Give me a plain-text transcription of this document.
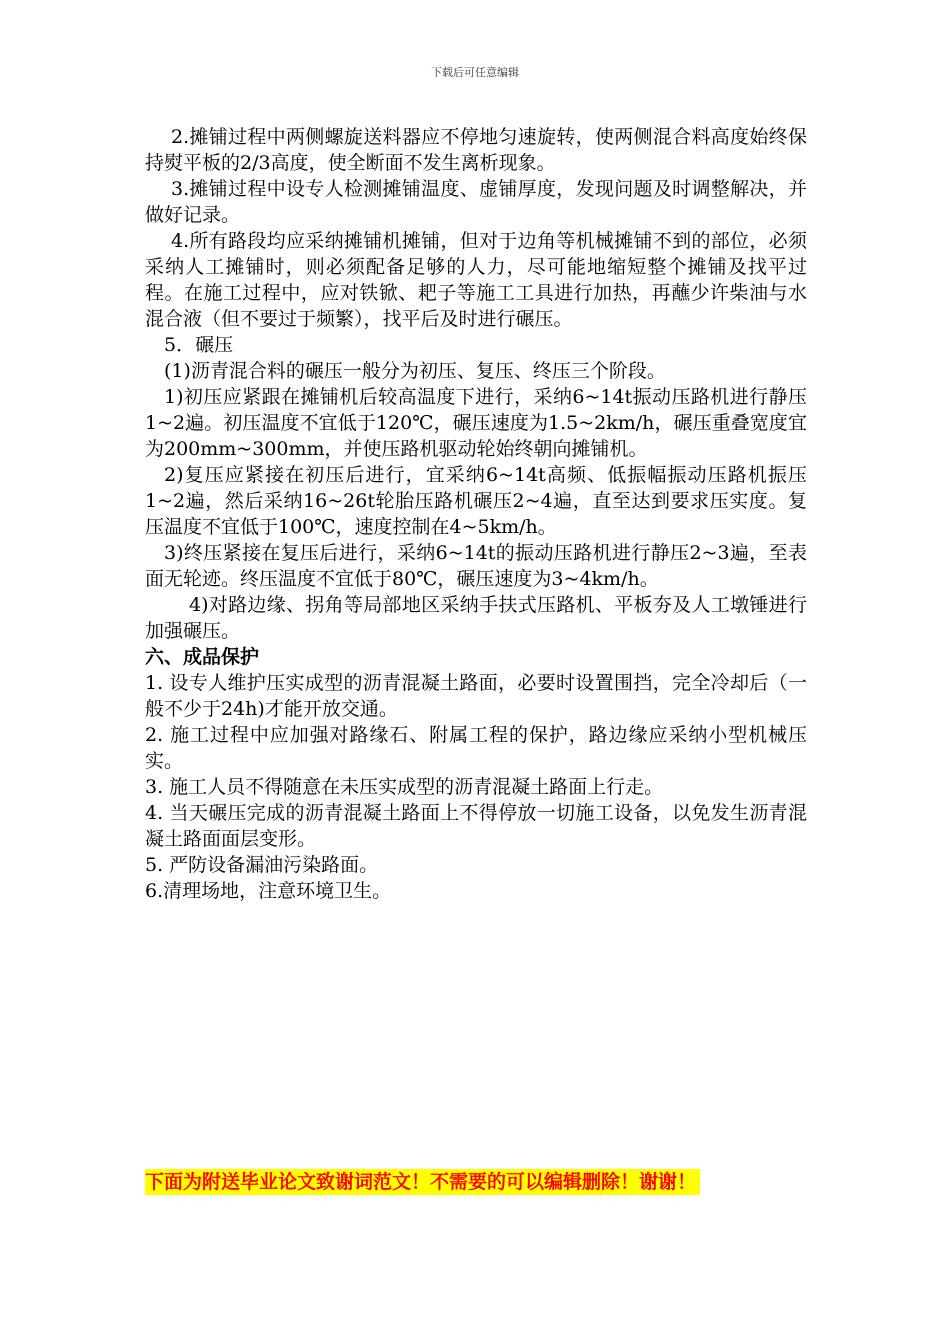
下载后可任意编辑

2.摊铺过程中两侧螺旋送料器应不停地匀速旋转，使两侧混合料高度始终保持熨平板的2/3高度，使全断面不发生离析现象。

3.摊铺过程中设专人检测摊铺温度、虚铺厚度，发现问题及时调整解决，并做好记录。

4.所有路段均应采纳摊铺机摊铺，但对于边角等机械摊铺不到的部位，必须采纳人工摊铺时，则必须配备足够的人力，尽可能地缩短整个摊铺及找平过程。在施工过程中，应对铁锨、耙子等施工工具进行加热，再蘸少许柴油与水混合液（但不要过于频繁），找平后及时进行碾压。

5．碾压

(1)沥青混合料的碾压一般分为初压、复压、终压三个阶段。

1)初压应紧跟在摊铺机后较高温度下进行，采纳6~14t振动压路机进行静压1~2遍。初压温度不宜低于120℃，碾压速度为1.5~2km/h，碾压重叠宽度宜为200mm~300mm，并使压路机驱动轮始终朝向摊铺机。

2)复压应紧接在初压后进行，宜采纳6~14t高频、低振幅振动压路机振压1~2遍，然后采纳16~26t轮胎压路机碾压2~4遍，直至达到要求压实度。复压温度不宜低于100℃，速度控制在4~5km/h。

3)终压紧接在复压后进行，采纳6~14t的振动压路机进行静压2~3遍，至表面无轮迹。终压温度不宜低于80℃，碾压速度为3~4km/h。

4)对路边缘、拐角等局部地区采纳手扶式压路机、平板夯及人工墩锤进行加强碾压。

六、成品保护

1. 设专人维护压实成型的沥青混凝土路面，必要时设置围挡，完全冷却后（一般不少于24h)才能开放交通。

2. 施工过程中应加强对路缘石、附属工程的保护，路边缘应采纳小型机械压实。

3. 施工人员不得随意在未压实成型的沥青混凝土路面上行走。

4. 当天碾压完成的沥青混凝土路面上不得停放一切施工设备，以免发生沥青混凝土路面面层变形。

5. 严防设备漏油污染路面。

6.清理场地，注意环境卫生。

下面为附送毕业论文致谢词范文！不需要的可以编辑删除！谢谢！
